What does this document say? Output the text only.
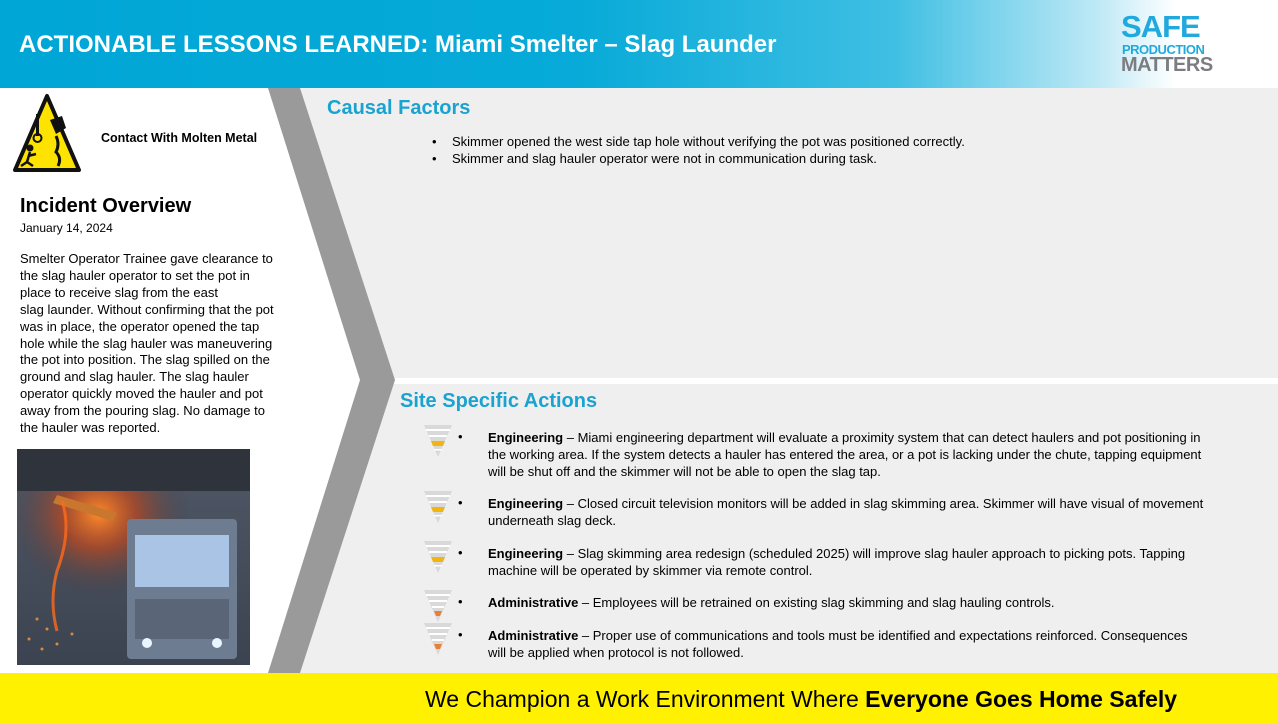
ACTIONABLE LESSONS LEARNED: Miami Smelter – Slag Launder
SAFE
PRODUCTION
MATTERS
Contact With Molten Metal
Incident Overview
January 14, 2024
Smelter Operator Trainee gave clearance to
the slag hauler operator to set the pot in
place to receive slag from the east
slag launder. Without confirming that the pot
was in place, the operator opened the tap
hole while the slag hauler was maneuvering
the pot into position. The slag spilled on the
ground and slag hauler. The slag hauler
operator quickly moved the hauler and pot
away from the pouring slag. No damage to
the hauler was reported.
Causal Factors
• Skimmer opened the west side tap hole without verifying the pot was positioned correctly.
• Skimmer and slag hauler operator were not in communication during task.
Site Specific Actions
• Engineering – Miami engineering department will evaluate a proximity system that can detect haulers and pot positioning in the working area. If the system detects a hauler has entered the area, or a pot is lacking under the chute, tapping equipment will be shut off and the skimmer will not be able to open the slag tap.
• Engineering – Closed circuit television monitors will be added in slag skimming area. Skimmer will have visual of movement underneath slag deck.
• Engineering – Slag skimming area redesign (scheduled 2025) will improve slag hauler approach to picking pots. Tapping machine will be operated by skimmer via remote control.
• Administrative – Employees will be retrained on existing slag skimming and slag hauling controls.
• Administrative – Proper use of communications and tools must be identified and expectations reinforced. Consequences will be applied when protocol is not followed.
We Champion a Work Environment Where Everyone Goes Home Safely
